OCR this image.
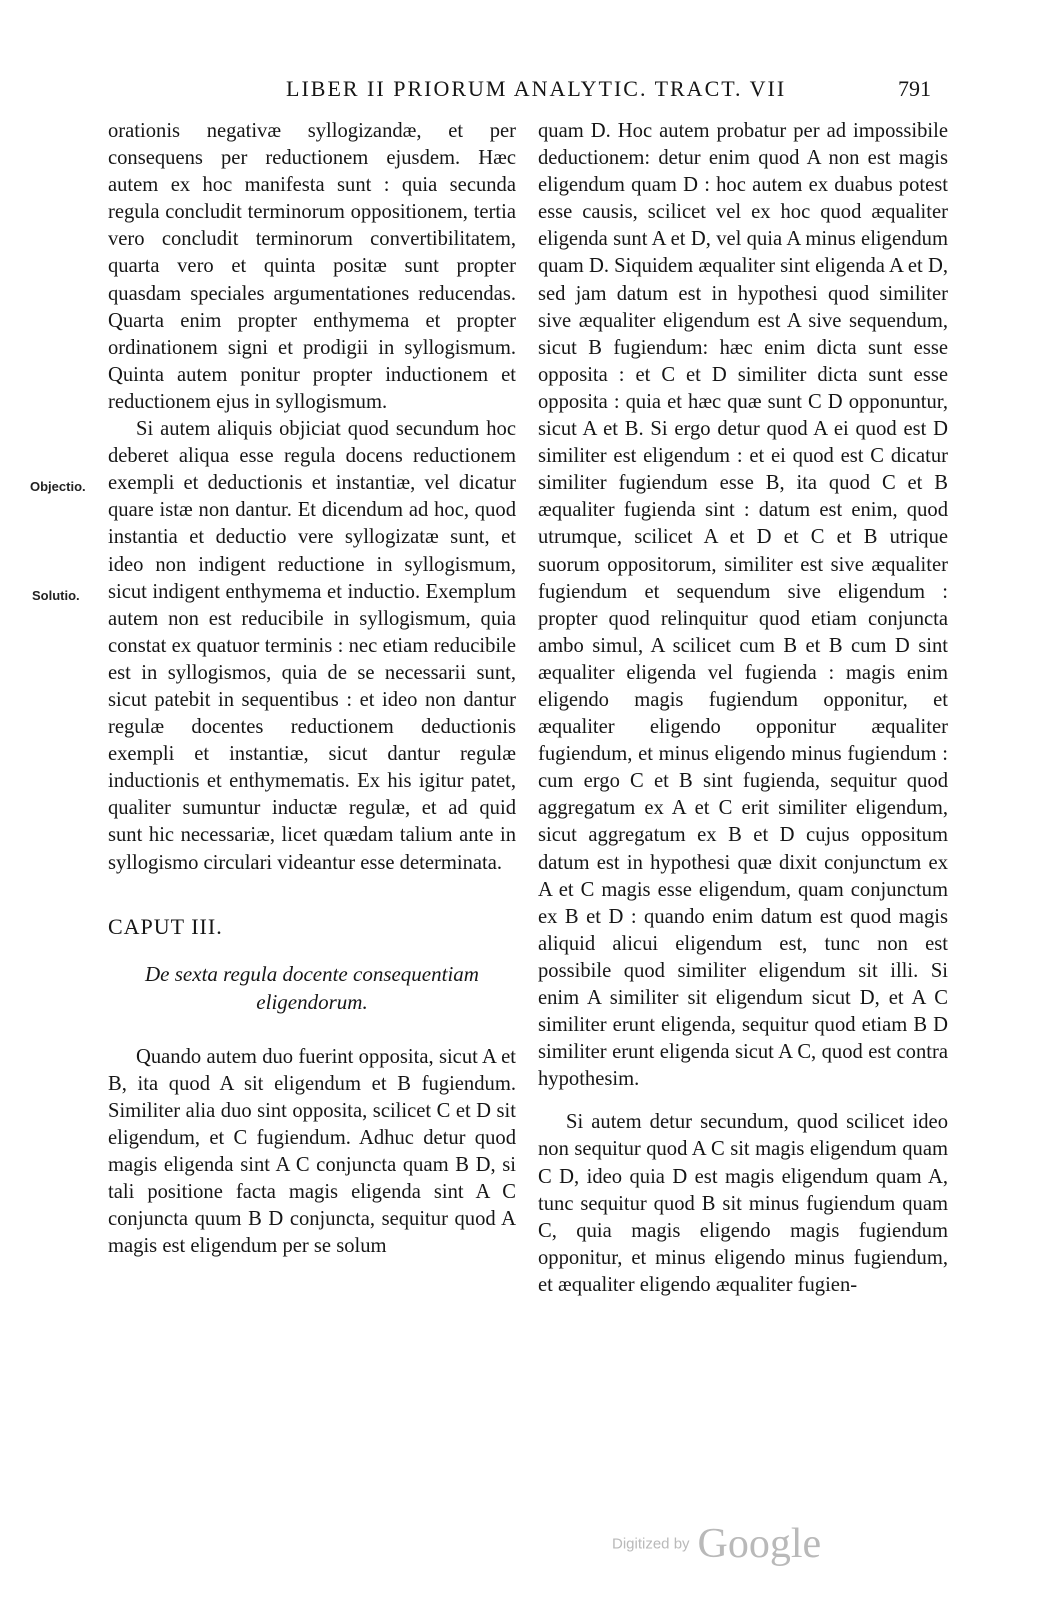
LIBER II PRIORUM ANALYTIC. TRACT. VII	791
Objectio.
Solutio.

orationis negativæ syllogizandæ, et per consequens per reductionem ejusdem. Hæc autem ex hoc manifesta sunt : quia secunda regula concludit terminorum oppositionem, tertia vero concludit terminorum convertibilitatem, quarta vero et quinta positæ sunt propter quasdam speciales argumentationes reducendas. Quarta enim propter enthymema et propter ordinationem signi et prodigii in syllogismum. Quinta autem ponitur propter inductionem et reductionem ejus in syllogismum.

Si autem aliquis objiciat quod secundum hoc deberet aliqua esse regula docens reductionem exempli et deductionis et instantiæ, vel dicatur quare istæ non dantur. Et dicendum ad hoc, quod instantia et deductio vere syllogizatæ sunt, et ideo non indigent reductione in syllogismum, sicut indigent enthymema et inductio. Exemplum autem non est reducibile in syllogismum, quia constat ex quatuor terminis : nec etiam reducibile est in syllogismos, quia de se necessarii sunt, sicut patebit in sequentibus : et ideo non dantur regulæ docentes reductionem deductionis exempli et instantiæ, sicut dantur regulæ inductionis et enthymematis. Ex his igitur patet, qualiter sumuntur inductæ regulæ, et ad quid sunt hic necessariæ, licet quædam talium ante in syllogismo circulari videantur esse determinata.

CAPUT III.

De sexta regula docente consequentiam eligendorum.

Quando autem duo fuerint opposita, sicut A et B, ita quod A sit eligendum et B fugiendum. Similiter alia duo sint opposita, scilicet C et D sit eligendum, et C fugiendum. Adhuc detur quod magis eligenda sint A C conjuncta quam B D, si tali positione facta magis eligenda sint A C conjuncta quum B D conjuncta, sequitur quod A magis est eligendum per se solum

quam D. Hoc autem probatur per ad impossibile deductionem: detur enim quod A non est magis eligendum quam D : hoc autem ex duabus potest esse causis, scilicet vel ex hoc quod æqualiter eligenda sunt A et D, vel quia A minus eligendum quam D. Siquidem æqualiter sint eligenda A et D, sed jam datum est in hypothesi quod similiter sive æqualiter eligendum est A sive sequendum, sicut B fugiendum: hæc enim dicta sunt esse opposita : et C et D similiter dicta sunt esse opposita : quia et hæc quæ sunt C D opponuntur, sicut A et B. Si ergo detur quod A ei quod est D similiter est eligendum : et ei quod est C dicatur similiter fugiendum esse B, ita quod C et B æqualiter fugienda sint : datum est enim, quod utrumque, scilicet A et D et C et B utrique suorum oppositorum, similiter est sive æqualiter fugiendum et sequendum sive eligendum : propter quod relinquitur quod etiam conjuncta ambo simul, A scilicet cum B et B cum D sint æqualiter eligenda vel fugienda : magis enim eligendo magis fugiendum opponitur, et æqualiter eligendo opponitur æqualiter fugiendum, et minus eligendo minus fugiendum : cum ergo C et B sint fugienda, sequitur quod aggregatum ex A et C erit similiter eligendum, sicut aggregatum ex B et D cujus oppositum datum est in hypothesi quæ dixit conjunctum ex A et C magis esse eligendum, quam conjunctum ex B et D : quando enim datum est quod magis aliquid alicui eligendum est, tunc non est possibile quod similiter eligendum sit illi. Si enim A similiter sit eligendum sicut D, et A C similiter erunt eligenda, sequitur quod etiam B D similiter erunt eligenda sicut A C, quod est contra hypothesim.

Si autem detur secundum, quod scilicet ideo non sequitur quod A C sit magis eligendum quam C D, ideo quia D est magis eligendum quam A, tunc sequitur quod B sit minus fugiendum quam C, quia magis eligendo magis fugiendum opponitur, et minus eligendo minus fugiendum, et æqualiter eligendo æqualiter fugien-

Digitized by Google
